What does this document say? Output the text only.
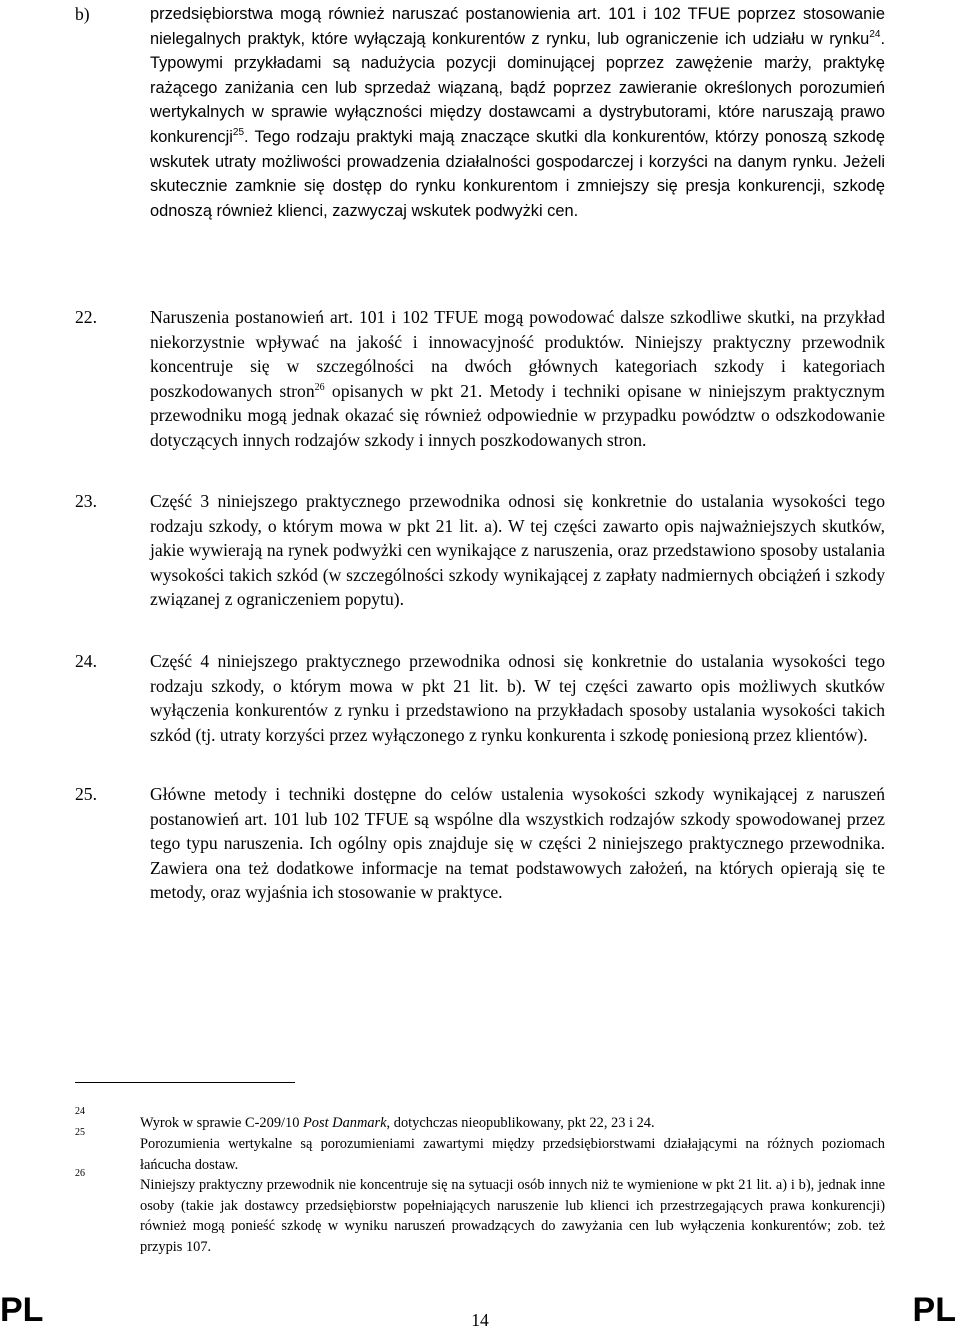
b)	przedsiębiorstwa mogą również naruszać postanowienia art. 101 i 102 TFUE poprzez stosowanie nielegalnych praktyk, które wyłączają konkurentów z rynku, lub ograniczenie ich udziału w rynku$^{24}$. Typowymi przykładami są nadużycia pozycji dominującej poprzez zawężenie marży, praktykę rażącego zaniżania cen lub sprzedaż wiązaną, bądź poprzez zawieranie określonych porozumień wertykalnych w sprawie wyłączności między dostawcami a dystrybutorami, które naruszają prawo konkurencji$^{25}$. Tego rodzaju praktyki mają znaczące skutki dla konkurentów, którzy ponoszą szkodę wskutek utraty możliwości prowadzenia działalności gospodarczej i korzyści na danym rynku. Jeżeli skutecznie zamknie się dostęp do rynku konkurentom i zmniejszy się presja konkurencji, szkodę odnoszą również klienci, zazwyczaj wskutek podwyżki cen.
22.	Naruszenia postanowień art. 101 i 102 TFUE mogą powodować dalsze szkodliwe skutki, na przykład niekorzystnie wpływać na jakość i innowacyjność produktów. Niniejszy praktyczny przewodnik koncentruje się w szczególności na dwóch głównych kategoriach szkody i kategoriach poszkodowanych stron$^{26}$ opisanych w pkt 21. Metody i techniki opisane w niniejszym praktycznym przewodniku mogą jednak okazać się również odpowiednie w przypadku powództw o odszkodowanie dotyczących innych rodzajów szkody i innych poszkodowanych stron.
23.	Część 3 niniejszego praktycznego przewodnika odnosi się konkretnie do ustalania wysokości tego rodzaju szkody, o którym mowa w pkt 21 lit. a). W tej części zawarto opis najważniejszych skutków, jakie wywierają na rynek podwyżki cen wynikające z naruszenia, oraz przedstawiono sposoby ustalania wysokości takich szkód (w szczególności szkody wynikającej z zapłaty nadmiernych obciążeń i szkody związanej z ograniczeniem popytu).
24.	Część 4 niniejszego praktycznego przewodnika odnosi się konkretnie do ustalania wysokości tego rodzaju szkody, o którym mowa w pkt 21 lit. b). W tej części zawarto opis możliwych skutków wyłączenia konkurentów z rynku i przedstawiono na przykładach sposoby ustalania wysokości takich szkód (tj. utraty korzyści przez wyłączonego z rynku konkurenta i szkodę poniesioną przez klientów).
25.	Główne metody i techniki dostępne do celów ustalenia wysokości szkody wynikającej z naruszeń postanowień art. 101 lub 102 TFUE są wspólne dla wszystkich rodzajów szkody spowodowanej przez tego typu naruszenia. Ich ogólny opis znajduje się w części 2 niniejszego praktycznego przewodnika. Zawiera ona też dodatkowe informacje na temat podstawowych założeń, na których opierają się te metody, oraz wyjaśnia ich stosowanie w praktyce.
24
Wyrok w sprawie C-209/10 Post Danmark, dotychczas nieopublikowany, pkt 22, 23 i 24.
25
Porozumienia wertykalne są porozumieniami zawartymi między przedsiębiorstwami działającymi na różnych poziomach łańcucha dostaw.
26
Niniejszy praktyczny przewodnik nie koncentruje się na sytuacji osób innych niż te wymienione w pkt 21 lit. a) i b), jednak inne osoby (takie jak dostawcy przedsiębiorstw popełniających naruszenie lub klienci ich przestrzegających prawa konkurencji) również mogą ponieść szkodę w wyniku naruszeń prowadzących do zawyżania cen lub wyłączenia konkurentów; zob. też przypis 107.
PL	14	PL
